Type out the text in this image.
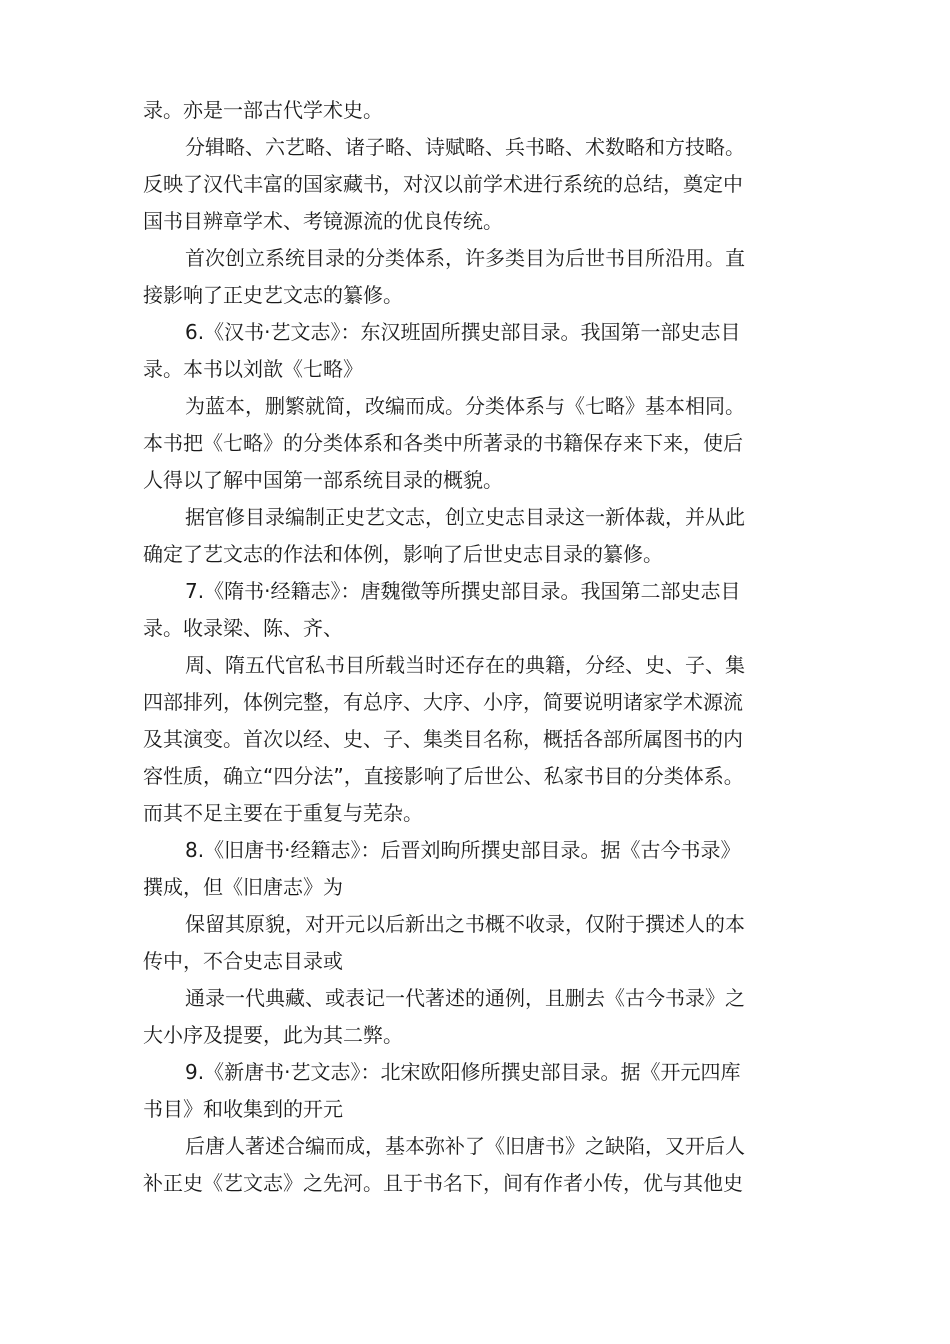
录。亦是一部古代学术史。
分辑略、六艺略、诸子略、诗赋略、兵书略、术数略和方技略。
反映了汉代丰富的国家藏书，对汉以前学术进行系统的总结，奠定中
国书目辨章学术、考镜源流的优良传统。
首次创立系统目录的分类体系，许多类目为后世书目所沿用。直
接影响了正史艺文志的纂修。
6.《汉书·艺文志》：东汉班固所撰史部目录。我国第一部史志目
录。本书以刘歆《七略》
为蓝本，删繁就简，改编而成。分类体系与《七略》基本相同。
本书把《七略》的分类体系和各类中所著录的书籍保存来下来，使后
人得以了解中国第一部系统目录的概貌。
据官修目录编制正史艺文志，创立史志目录这一新体裁，并从此
确定了艺文志的作法和体例，影响了后世史志目录的纂修。
7.《隋书·经籍志》：唐魏徵等所撰史部目录。我国第二部史志目
录。收录梁、陈、齐、
周、隋五代官私书目所载当时还存在的典籍，分经、史、子、集
四部排列，体例完整，有总序、大序、小序，简要说明诸家学术源流
及其演变。首次以经、史、子、集类目名称，概括各部所属图书的内
容性质，确立“四分法”，直接影响了后世公、私家书目的分类体系。
而其不足主要在于重复与芜杂。
8.《旧唐书·经籍志》：后晋刘昫所撰史部目录。据《古今书录》
撰成，但《旧唐志》为
保留其原貌，对开元以后新出之书概不收录，仅附于撰述人的本
传中，不合史志目录或
通录一代典藏、或表记一代著述的通例，且删去《古今书录》之
大小序及提要，此为其二弊。
9.《新唐书·艺文志》：北宋欧阳修所撰史部目录。据《开元四库
书目》和收集到的开元
后唐人著述合编而成，基本弥补了《旧唐书》之缺陷，又开后人
补正史《艺文志》之先河。且于书名下，间有作者小传，优与其他史
